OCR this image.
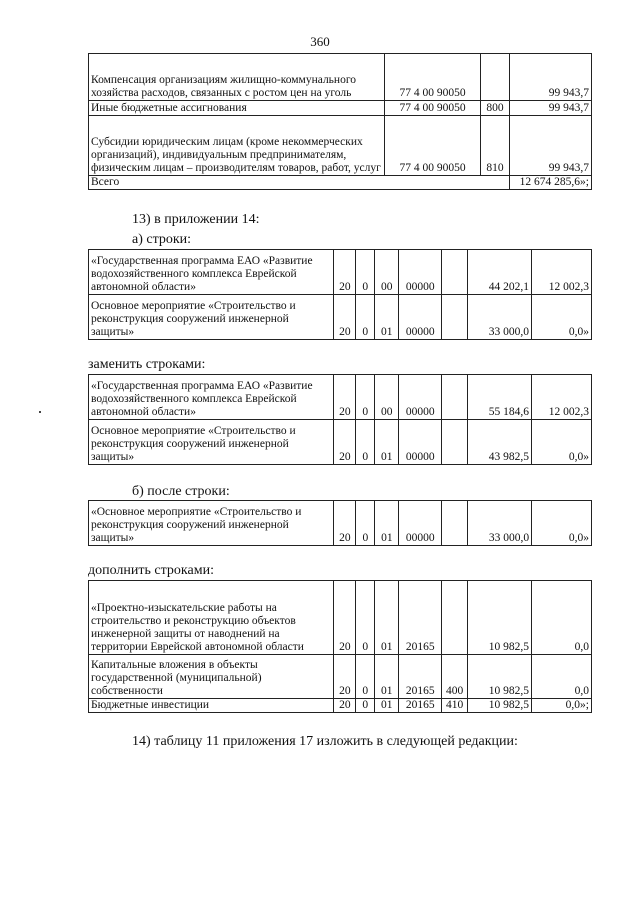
360
Компенсация организациям жилищно-коммунального хозяйства расходов, связанных с ростом цен на уголь	77 4 00 90050		99 943,7
Иные бюджетные ассигнования	77 4 00 90050	800	99 943,7
Субсидии юридическим лицам (кроме некоммерческих организаций), индивидуальным предпринимателям, физическим лицам – производителям товаров, работ, услуг	77 4 00 90050	810	99 943,7
Всего			12 674 285,6»;
13) в приложении 14:
а) строки:
«Государственная программа ЕАО «Развитие водохозяйственного комплекса Еврейской автономной области»	20	0	00	00000		44 202,1	12 002,3
Основное мероприятие «Строительство и реконструкция сооружений инженерной защиты»	20	0	01	00000		33 000,0	0,0»
заменить строками:
«Государственная программа ЕАО «Развитие водохозяйственного комплекса Еврейской автономной области»	20	0	00	00000		55 184,6	12 002,3
Основное мероприятие «Строительство и реконструкция сооружений инженерной защиты»	20	0	01	00000		43 982,5	0,0»
б) после строки:
«Основное мероприятие «Строительство и реконструкция сооружений инженерной защиты»	20	0	01	00000		33 000,0	0,0»
дополнить строками:
«Проектно-изыскательские работы на строительство и реконструкцию объектов инженерной защиты от наводнений на территории Еврейской автономной области	20	0	01	20165		10 982,5	0,0
Капитальные вложения в объекты государственной (муниципальной) собственности	20	0	01	20165	400	10 982,5	0,0
Бюджетные инвестиции	20	0	01	20165	410	10 982,5	0,0»;
14) таблицу 11 приложения 17 изложить в следующей редакции:
